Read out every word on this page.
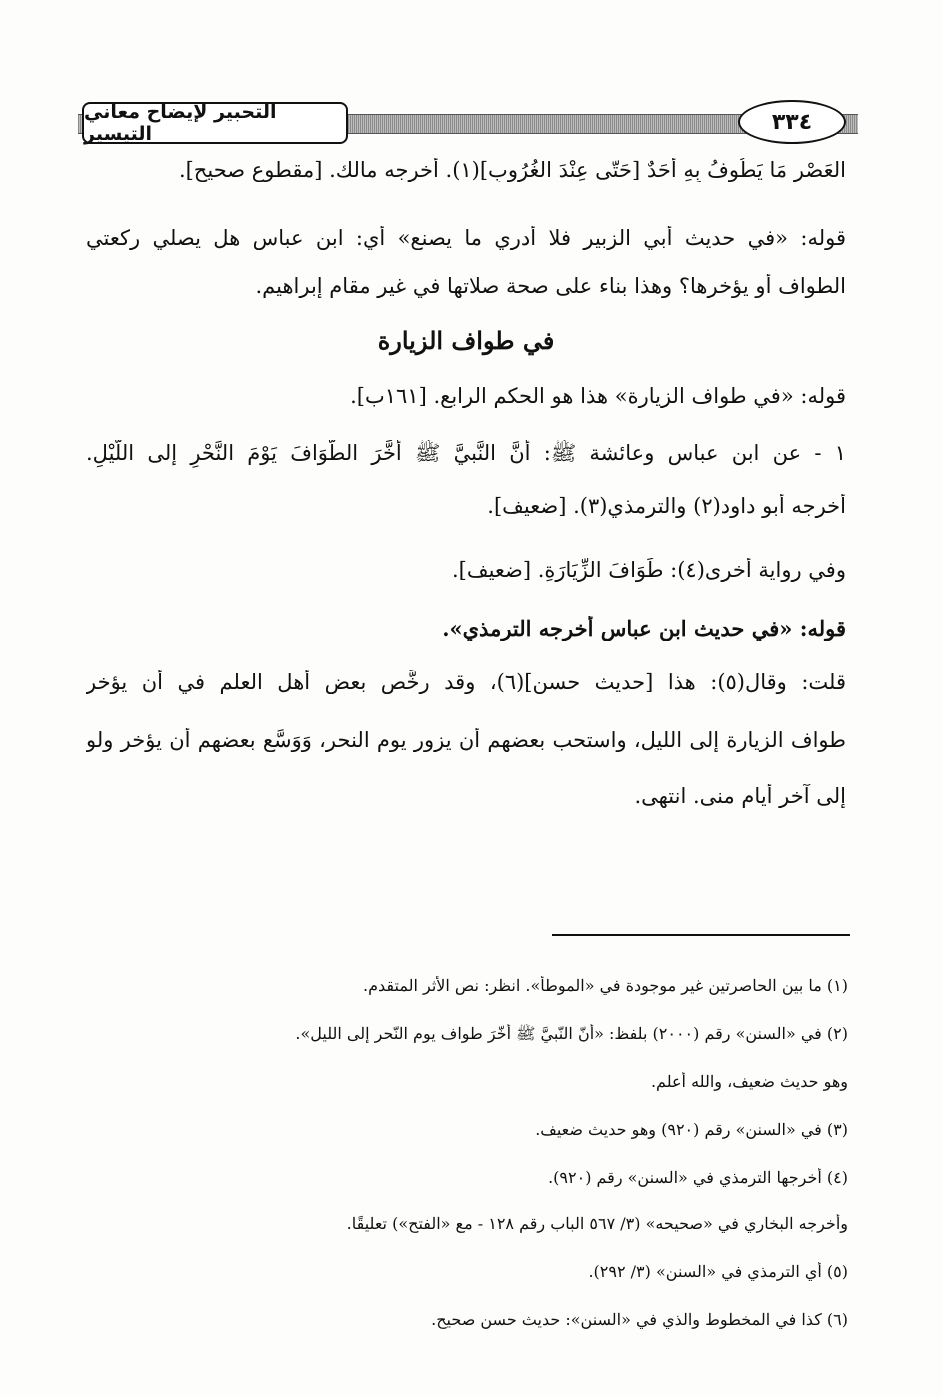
التحبير لإيضاح معاني التيسير	٣٣٤
العَصْرِ مَا يَطُوفُ بِهِ أَحَدٌ [حَتّى عِنْدَ الغُرُوبِ](١). أخرجه مالك. [مقطوع صحيح].
قوله: «في حديث أبي الزبير فلا أدري ما يصنع» أي: ابن عباس هل يصلي ركعتي
الطواف أو يؤخرها؟ وهذا بناء على صحة صلاتها في غير مقام إبراهيم.
في طواف الزيارة
قوله: «في طواف الزيارة» هذا هو الحكم الرابع. [١٦١ب].
١ - عن ابن عباس وعائشة ﷺ: أَنَّ النَّبيَّ ﷺ أَخَّرَ الطَّوَافَ يَوْمَ النَّحْرِ إلى اللَّيْلِ.
أخرجه أبو داود(٢) والترمذي(٣). [ضعيف].
وفي رواية أخرى(٤): طَوَافَ الزِّيَارَةِ. [ضعيف].
قوله: «في حديث ابن عباس أخرجه الترمذي».
قلت: وقال(٥): هذا [حديث حسن](٦)، وقد رخَّص بعض أهل العلم في أن يؤخر
طواف الزيارة إلى الليل، واستحب بعضهم أن يزور يوم النحر، وَوَسَّع بعضهم أن يؤخر ولو
إلى آخر أيام منى. انتهى.
(١) ما بين الحاصرتين غير موجودة في «الموطأ». انظر: نص الأثر المتقدم.
(٢) في «السنن» رقم (٢٠٠٠) بلفظ: «أنّ النّبيَّ ﷺ أخّرَ طواف يوم النّحر إلى الليل».
وهو حديث ضعيف، والله أعلم.
(٣) في «السنن» رقم (٩٢٠) وهو حديث ضعيف.
(٤) أخرجها الترمذي في «السنن» رقم (٩٢٠).
وأخرجه البخاري في «صحيحه» (٣/ ٥٦٧ الباب رقم ١٢٨ - مع «الفتح») تعليقًا.
(٥) أي الترمذي في «السنن» (٣/ ٢٩٢).
(٦) كذا في المخطوط والذي في «السنن»: حديث حسن صحيح.
